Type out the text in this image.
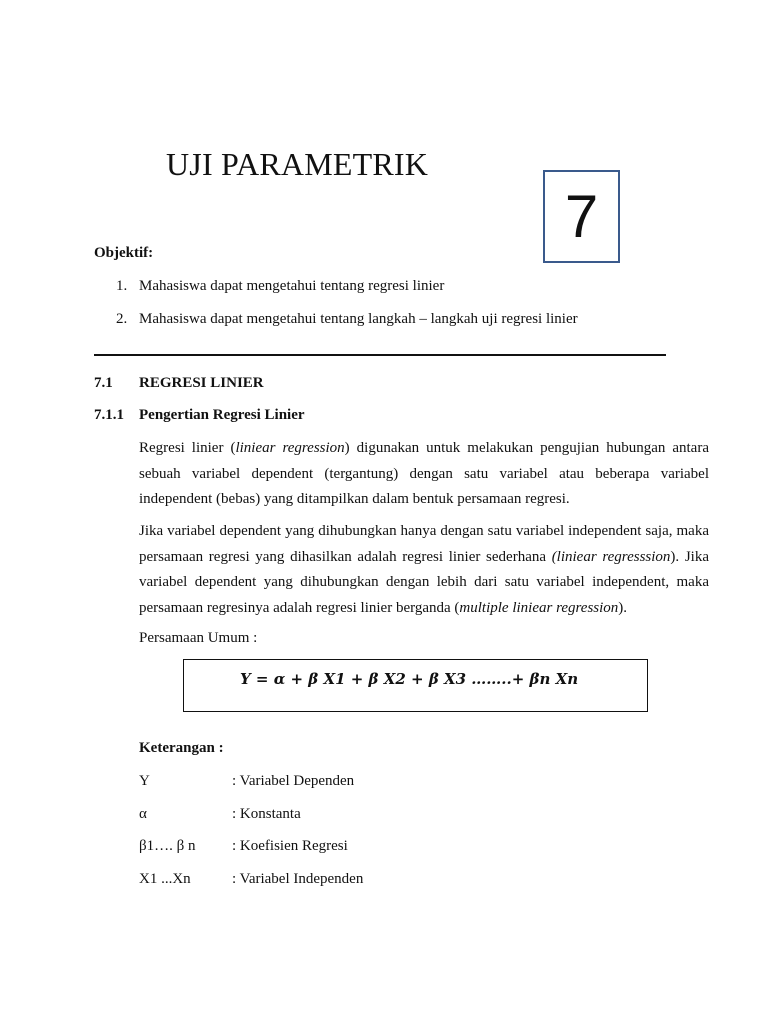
UJI PARAMETRIK
7
Objektif:
1. Mahasiswa dapat mengetahui tentang regresi linier
2. Mahasiswa dapat mengetahui tentang langkah – langkah uji regresi linier
7.1 REGRESI LINIER
7.1.1 Pengertian Regresi Linier
Regresi linier (liniear regression) digunakan untuk melakukan pengujian hubungan antara sebuah variabel dependent (tergantung) dengan satu variabel atau beberapa variabel independent (bebas) yang ditampilkan dalam bentuk persamaan regresi.
Jika variabel dependent yang dihubungkan hanya dengan satu variabel independent saja, maka persamaan regresi yang dihasilkan adalah regresi linier sederhana (liniear regresssion). Jika variabel dependent yang dihubungkan dengan lebih dari satu variabel independent, maka persamaan regresinya adalah regresi linier berganda (multiple liniear regression).
Persamaan Umum :
Y = α + β X1 + β X2 + β X3 ……..+ βn Xn
Keterangan :
Y	: Variabel Dependen
α	: Konstanta
β1…. β n : Koefisien Regresi
X1 ...Xn	: Variabel Independen
